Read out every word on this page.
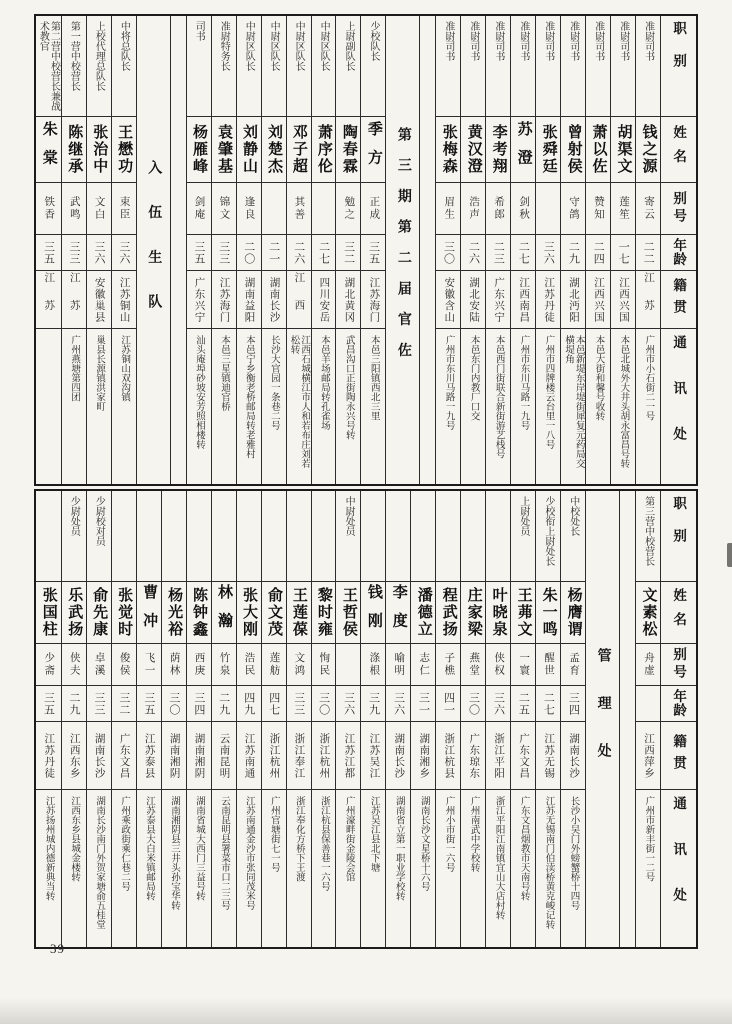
职别
姓名
别号
年龄
籍贯
通讯处
准尉司书
钱之源
寄云
二二
江苏
广州市小石街二一号
准尉司书
胡渠文
莲笙
一七
江西兴国
本邑北城外大井头胡永富昌号转
准尉司书
萧以佐
赞知
二四
江西兴国
本邑大街和馨号收转
准尉司书
曾射侯
守鸽
二九
湖北沔阳
本邑新堤东岸堤街犀复元药局交横堤角
准尉司书
张舜廷
三六
江苏丹徒
广州市四牌楼云台里一八号
准尉司书
苏澄
剑秋
二七
江西南昌
广州市东川马路一九号
准尉司书
李考翔
希郎
二三
广东兴宁
本邑西门街联合新街游艺栈号
准尉司书
黄汉澄
浩声
二六
湖北安陆
本邑东门内教厂口交
准尉司书
张梅森
眉生
三〇
安徽含山
广州市东川马路一九号
第三期第二届官佐
少校队长
季方
正成
三五
江苏海门
本邑三阳镇西北三里
上尉副队长
陶春霖
勉之
三二
湖北黄冈
武昌沟口正街陶永兴号转
中尉区队长
萧序伦
二七
四川安岳
本邑羊场邮局转孔雀场
中尉区队长
邓子超
其善
二六
江西
江西石城横江市人和若布庄刘若松转
中尉区队长
刘楚杰
二一
湖南长沙
长沙大官园一条巷二号
中尉区队长
刘静山
逢良
二〇
湖南益阳
本邑宁乡衡老桥邮局转老雅村
准尉特务长
袁肇基
锦文
三三
江苏海门
本邑三星镇迪官桥
司书
杨雁峰
剑庵
三五
广东兴宁
汕头庵埠砂坡安芳照相楼转
入伍生队
中将总队长
王懋功
束臣
三六
江苏铜山
江苏铜山双沟镇
上校代理总队长
张治中
文白
三六
安徽巢县
巢县长源镇洪家町
第一营中校营长
陈继承
武鸣
三三
江苏
广州燕塘第四团
第二营中校营长兼战术教官
朱棠
铁香
三五
江苏
职别
姓名
别号
年龄
籍贯
通讯处
第三营中校营长
文素松
舟虚
江西萍乡
广州市新丰街一二号
管理处
中校处长
杨膺谓
孟育
三四
湖南长沙
长沙小吴门外螃蟹桥十四号
少校衔上尉处长
朱一鸣
醒世
二七
江苏无锡
江苏无锡南门伯渎桥黄克峻记转
上尉处员
王茀文
一寰
二五
广东文昌
广东文昌烟教市天南号转
叶晓泉
侠权
三六
浙江平阳
浙江平阳江南镇宜山大店村转
庄家梁
燕堂
三〇
广东琼东
广州南武中学校转
程武扬
子樵
四一
浙江杭县
广州小市街一六号
潘德立
志仁
三一
湖南湘乡
湖南长沙文星桥十六号
李度
喻明
三六
湖南长沙
湖南省立第一职业学校转
钱刚
涤根
三九
江苏吴江
江苏吴江县北下塘
中尉处员
王哲侯
三六
江苏江都
广州濠畔街金陵会馆
黎时雍
恂民
三〇
浙江杭州
浙江杭县保善巷一六号
王莲葆
文鸿
三三
浙江奉江
浙江奉化方桥下王渡
俞文茂
莲舫
四七
浙江杭州
广州官塘街七一号
张大刚
浩民
四九
江苏南通
江苏南通金沙市张同茂米号
林瀚
竹泉
二九
云南昆明
云南昆明县署菜市口二三号
陈钟鑫
西庚
三四
湖南湘阴
湖南省城大西门三益号转
杨光裕
荫林
三〇
湖南湘阴
湖南湘阴县三井头孙宝华转
曹冲
飞一
三五
江苏泰县
江苏泰县大白米镇邮局转
张觉时
俊侯
三二
广东文昌
广州乘政街乘仁巷二号
少尉校对员
俞先康
卓溪
三三
湖南长沙
湖南长沙南门外贺家塘俞五桂堂
少尉处员
乐武扬
侠夫
二九
江西东乡
江西东乡县城金楼转
张国柱
少斋
三五
江苏丹徒
江苏扬州城内德新典当转
39
